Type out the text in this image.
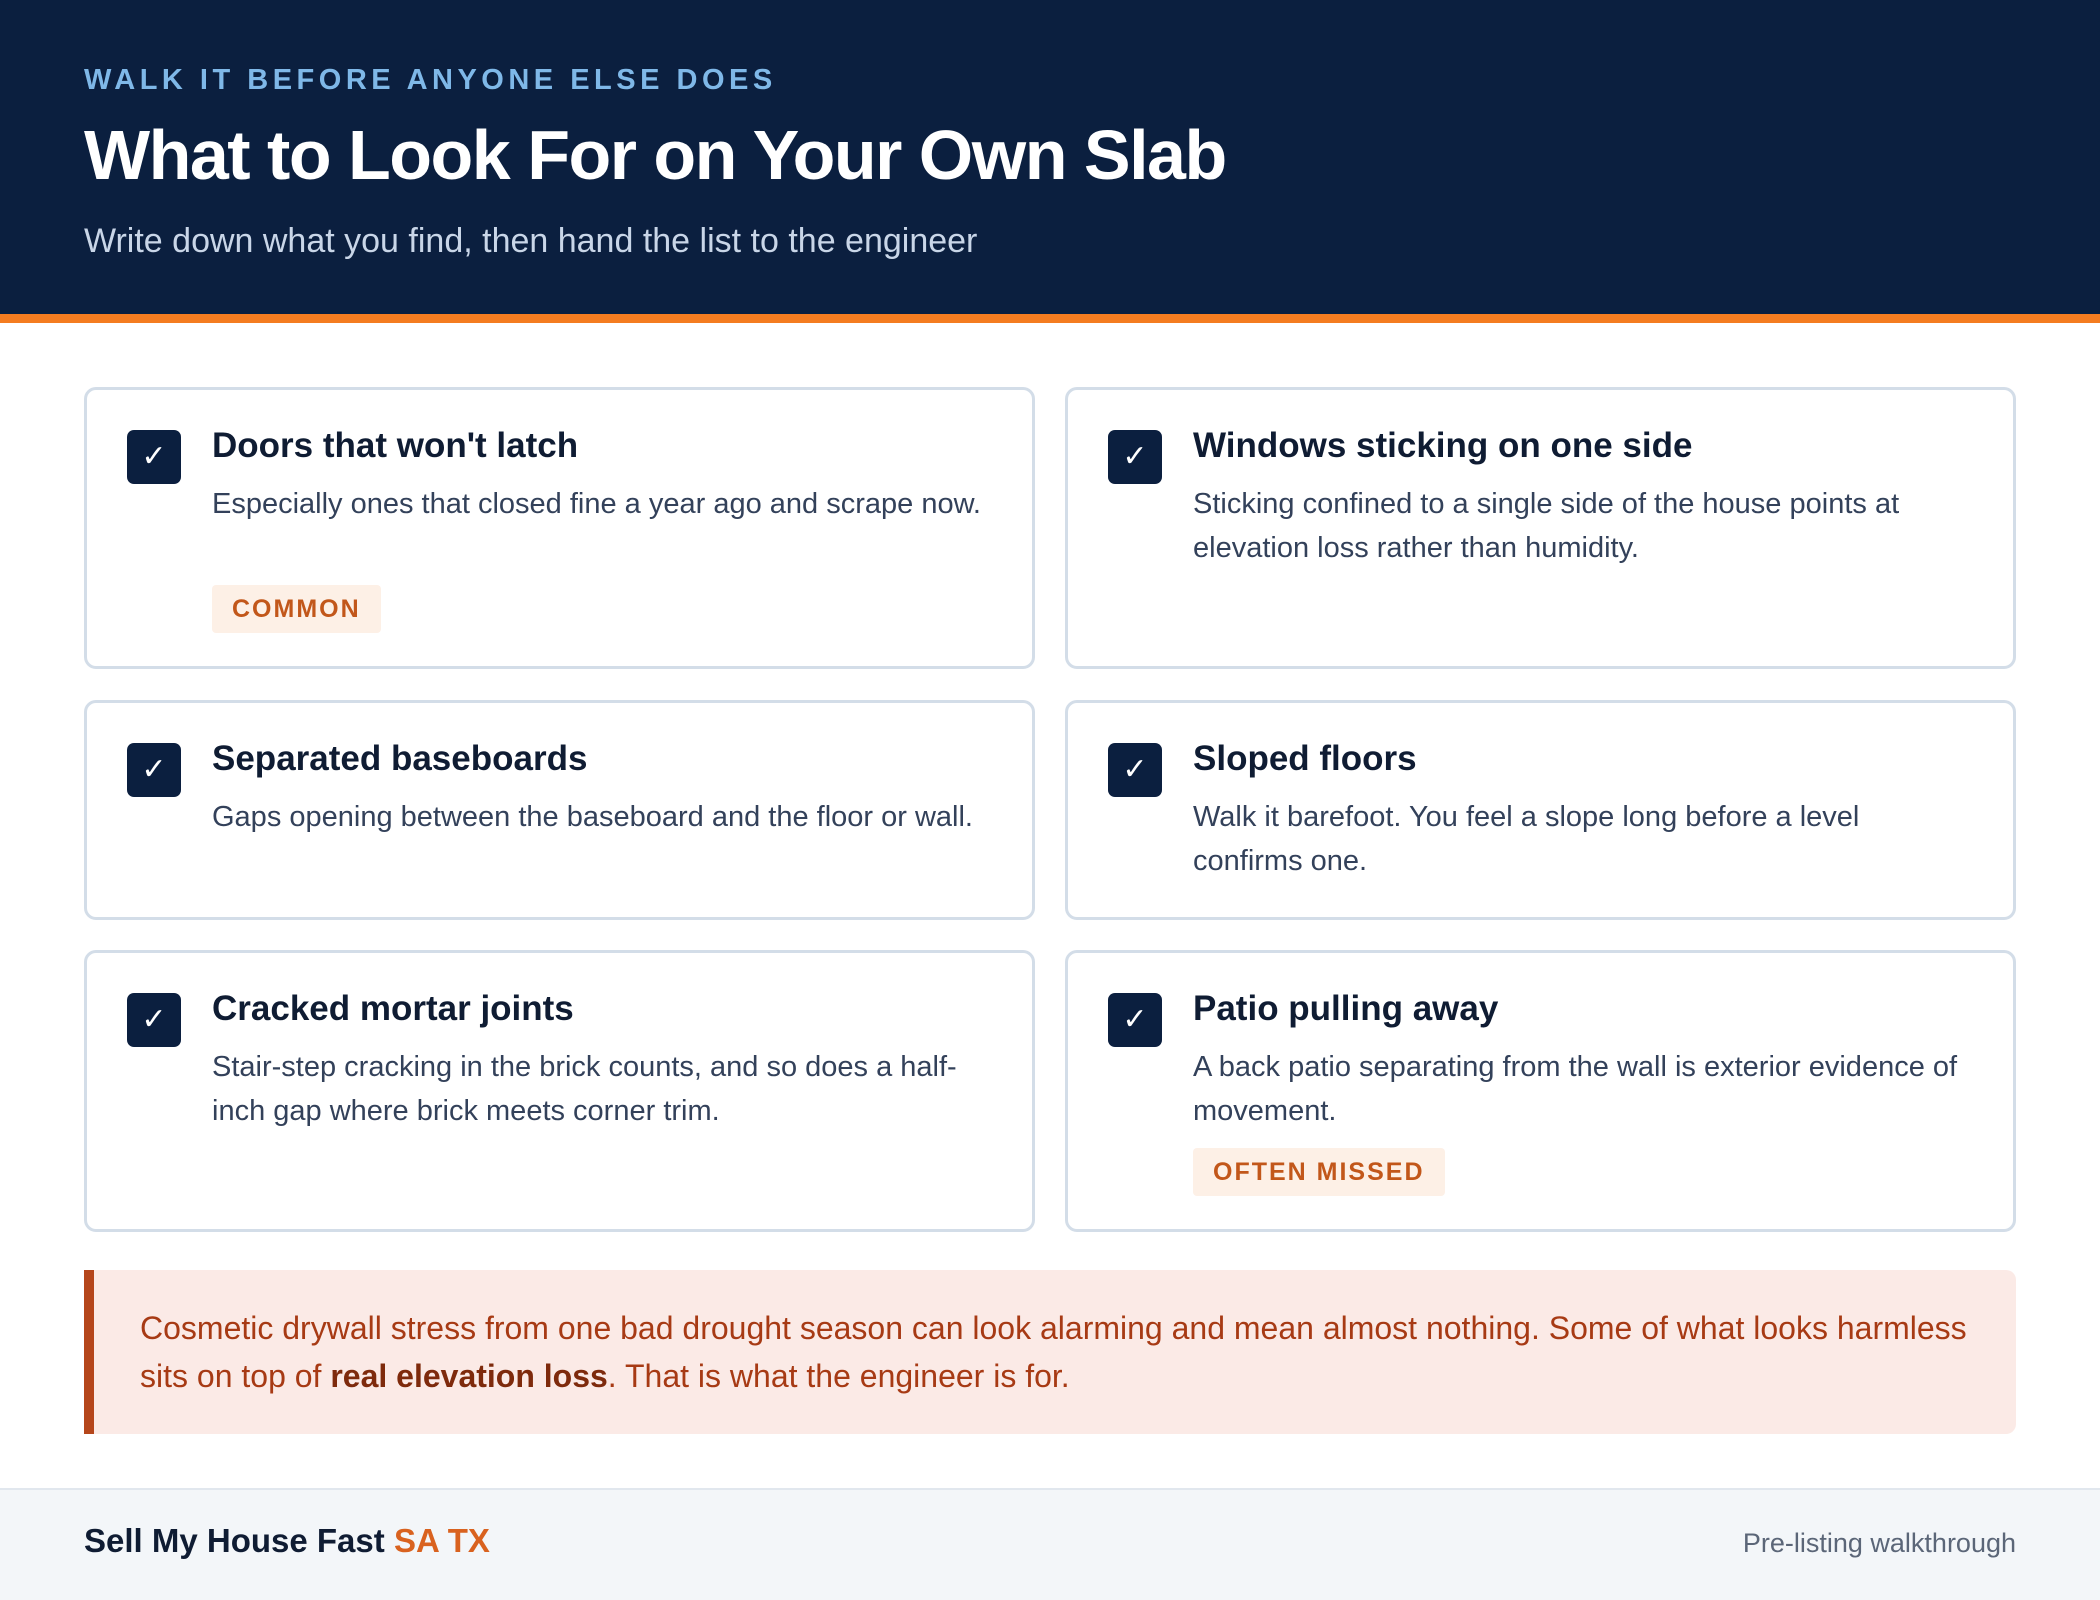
WALK IT BEFORE ANYONE ELSE DOES
What to Look For on Your Own Slab
Write down what you find, then hand the list to the engineer
✓	Doors that won't latch
Especially ones that closed fine a year ago and scrape now.
COMMON
✓	Windows sticking on one side
Sticking confined to a single side of the house points at elevation loss rather than humidity.
✓	Separated baseboards
Gaps opening between the baseboard and the floor or wall.
✓	Sloped floors
Walk it barefoot. You feel a slope long before a level confirms one.
✓	Cracked mortar joints
Stair-step cracking in the brick counts, and so does a half-inch gap where brick meets corner trim.
✓	Patio pulling away
A back patio separating from the wall is exterior evidence of movement.
OFTEN MISSED
Cosmetic drywall stress from one bad drought season can look alarming and mean almost nothing. Some of what looks harmless sits on top of real elevation loss. That is what the engineer is for.
Sell My House Fast SA TX	Pre-listing walkthrough
